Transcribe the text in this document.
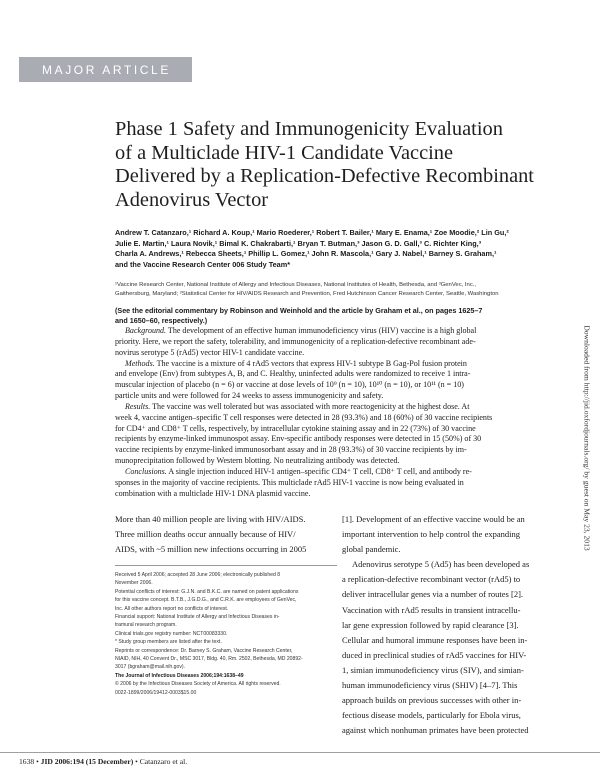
MAJOR ARTICLE
Phase 1 Safety and Immunogenicity Evaluation
of a Multiclade HIV-1 Candidate Vaccine
Delivered by a Replication-Defective Recombinant
Adenovirus Vector
Andrew T. Catanzaro,¹ Richard A. Koup,¹ Mario Roederer,¹ Robert T. Bailer,¹ Mary E. Enama,¹ Zoe Moodie,² Lin Gu,²
Julie E. Martin,¹ Laura Novik,¹ Bimal K. Chakrabarti,¹ Bryan T. Butman,³ Jason G. D. Gall,³ C. Richter King,³
Charla A. Andrews,¹ Rebecca Sheets,¹ Phillip L. Gomez,¹ John R. Mascola,¹ Gary J. Nabel,¹ Barney S. Graham,¹
and the Vaccine Research Center 006 Study Team*
¹Vaccine Research Center, National Institute of Allergy and Infectious Diseases, National Institutes of Health, Bethesda, and ³GenVec, Inc.,
Gaithersburg, Maryland; ²Statistical Center for HIV/AIDS Research and Prevention, Fred Hutchinson Cancer Research Center, Seattle, Washington
(See the editorial commentary by Robinson and Weinhold and the article by Graham et al., on pages 1625–7
and 1650–60, respectively.)
Background. The development of an effective human immunodeficiency virus (HIV) vaccine is a high global
priority. Here, we report the safety, tolerability, and immunogenicity of a replication-defective recombinant ade-
novirus serotype 5 (rAd5) vector HIV-1 candidate vaccine.
Methods. The vaccine is a mixture of 4 rAd5 vectors that express HIV-1 subtype B Gag-Pol fusion protein
and envelope (Env) from subtypes A, B, and C. Healthy, uninfected adults were randomized to receive 1 intra-
muscular injection of placebo (n = 6) or vaccine at dose levels of 10⁹ (n = 10), 10¹⁰ (n = 10), or 10¹¹ (n = 10)
particle units and were followed for 24 weeks to assess immunogenicity and safety.
Results. The vaccine was well tolerated but was associated with more reactogenicity at the highest dose. At
week 4, vaccine antigen–specific T cell responses were detected in 28 (93.3%) and 18 (60%) of 30 vaccine recipients
for CD4⁺ and CD8⁺ T cells, respectively, by intracellular cytokine staining assay and in 22 (73%) of 30 vaccine
recipients by enzyme-linked immunospot assay. Env-specific antibody responses were detected in 15 (50%) of 30
vaccine recipients by enzyme-linked immunosorbant assay and in 28 (93.3%) of 30 vaccine recipients by im-
munoprecipitation followed by Western blotting. No neutralizing antibody was detected.
Conclusions. A single injection induced HIV-1 antigen–specific CD4⁺ T cell, CD8⁺ T cell, and antibody re-
sponses in the majority of vaccine recipients. This multiclade rAd5 HIV-1 vaccine is now being evaluated in
combination with a multiclade HIV-1 DNA plasmid vaccine.
More than 40 million people are living with HIV/AIDS.
Three million deaths occur annually because of HIV/
AIDS, with ~5 million new infections occurring in 2005
Received 5 April 2006; accepted 28 June 2006; electronically published 8
November 2006.
Potential conflicts of interest: G.J.N. and B.K.C. are named on patent applications
for this vaccine concept. B.T.B., J.G.D.G., and C.R.K. are employees of GenVec,
Inc. All other authors report no conflicts of interest.
Financial support: National Institute of Allergy and Infectious Diseases in-
tramural research program.
Clinical trials.gov registry number: NCT00083330.
* Study group members are listed after the text.
Reprints or correspondence: Dr. Barney S. Graham, Vaccine Research Center,
NIAID, NIH, 40 Convent Dr., MSC 3017, Bldg. 40, Rm. 2502, Bethesda, MD 20892-
3017 (bgraham@mail.nih.gov).
The Journal of Infectious Diseases 2006;194:1638–49
© 2006 by the Infectious Diseases Society of America. All rights reserved.
0022-1899/2006/19412-0003$15.00
[1]. Development of an effective vaccine would be an
important intervention to help control the expanding
global pandemic.
Adenovirus serotype 5 (Ad5) has been developed as
a replication-defective recombinant vector (rAd5) to
deliver intracellular genes via a number of routes [2].
Vaccination with rAd5 results in transient intracellu-
lar gene expression followed by rapid clearance [3].
Cellular and humoral immune responses have been in-
duced in preclinical studies of rAd5 vaccines for HIV-
1, simian immunodeficiency virus (SIV), and simian-
human immunodeficiency virus (SHIV) [4–7]. This
approach builds on previous successes with other in-
fectious disease models, particularly for Ebola virus,
against which nonhuman primates have been protected
Downloaded from http://jid.oxfordjournals.org/ by guest on May 23, 2013
1638 • JID 2006:194 (15 December) • Catanzaro et al.
